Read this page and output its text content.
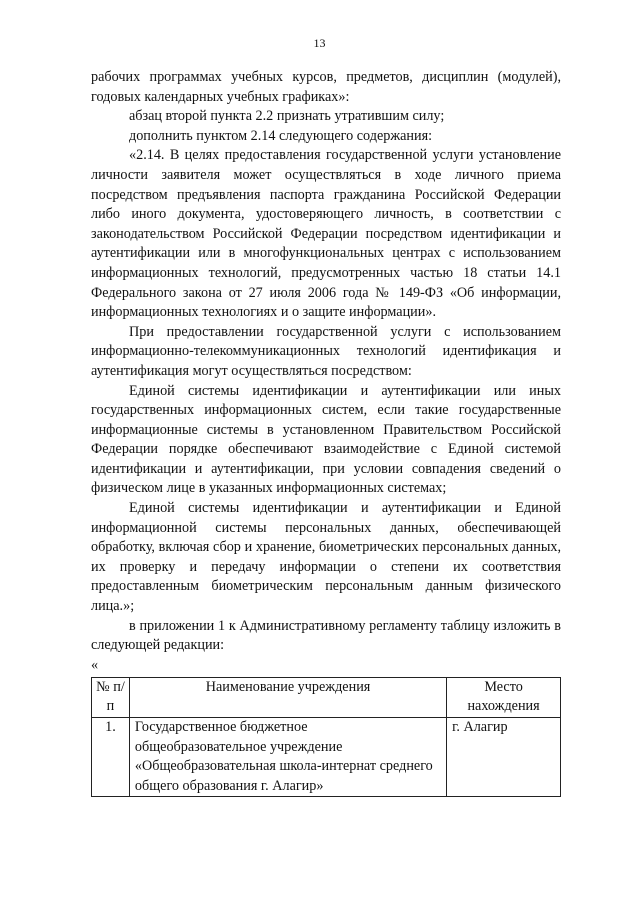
13

рабочих программах учебных курсов, предметов, дисциплин (модулей), годовых календарных учебных графиках»:

абзац второй пункта 2.2 признать утратившим силу;

дополнить пунктом 2.14 следующего содержания:

«2.14. В целях предоставления государственной услуги установление личности заявителя может осуществляться в ходе личного приема посредством предъявления паспорта гражданина Российской Федерации либо иного документа, удостоверяющего личность, в соответствии с законодательством Российской Федерации посредством идентификации и аутентификации или в многофункциональных центрах с использованием информационных технологий, предусмотренных частью 18 статьи 14.1 Федерального закона от 27 июля 2006 года № 149-ФЗ «Об информации, информационных технологиях и о защите информации».

При предоставлении государственной услуги с использованием информационно-телекоммуникационных технологий идентификация и аутентификация могут осуществляться посредством:

Единой системы идентификации и аутентификации или иных государственных информационных систем, если такие государственные информационные системы в установленном Правительством Российской Федерации порядке обеспечивают взаимодействие с Единой системой идентификации и аутентификации, при условии совпадения сведений о физическом лице в указанных информационных системах;

Единой системы идентификации и аутентификации и Единой информационной системы персональных данных, обеспечивающей обработку, включая сбор и хранение, биометрических персональных данных, их проверку и передачу информации о степени их соответствия предоставленным биометрическим персональным данным физического лица.»;

в приложении 1 к Административному регламенту таблицу изложить в следующей редакции:

«

№ п/п	Наименование учреждения	Место нахождения
1.	Государственное бюджетное общеобразовательное учреждение «Общеобразовательная школа-интернат среднего общего образования г. Алагир»	г. Алагир
